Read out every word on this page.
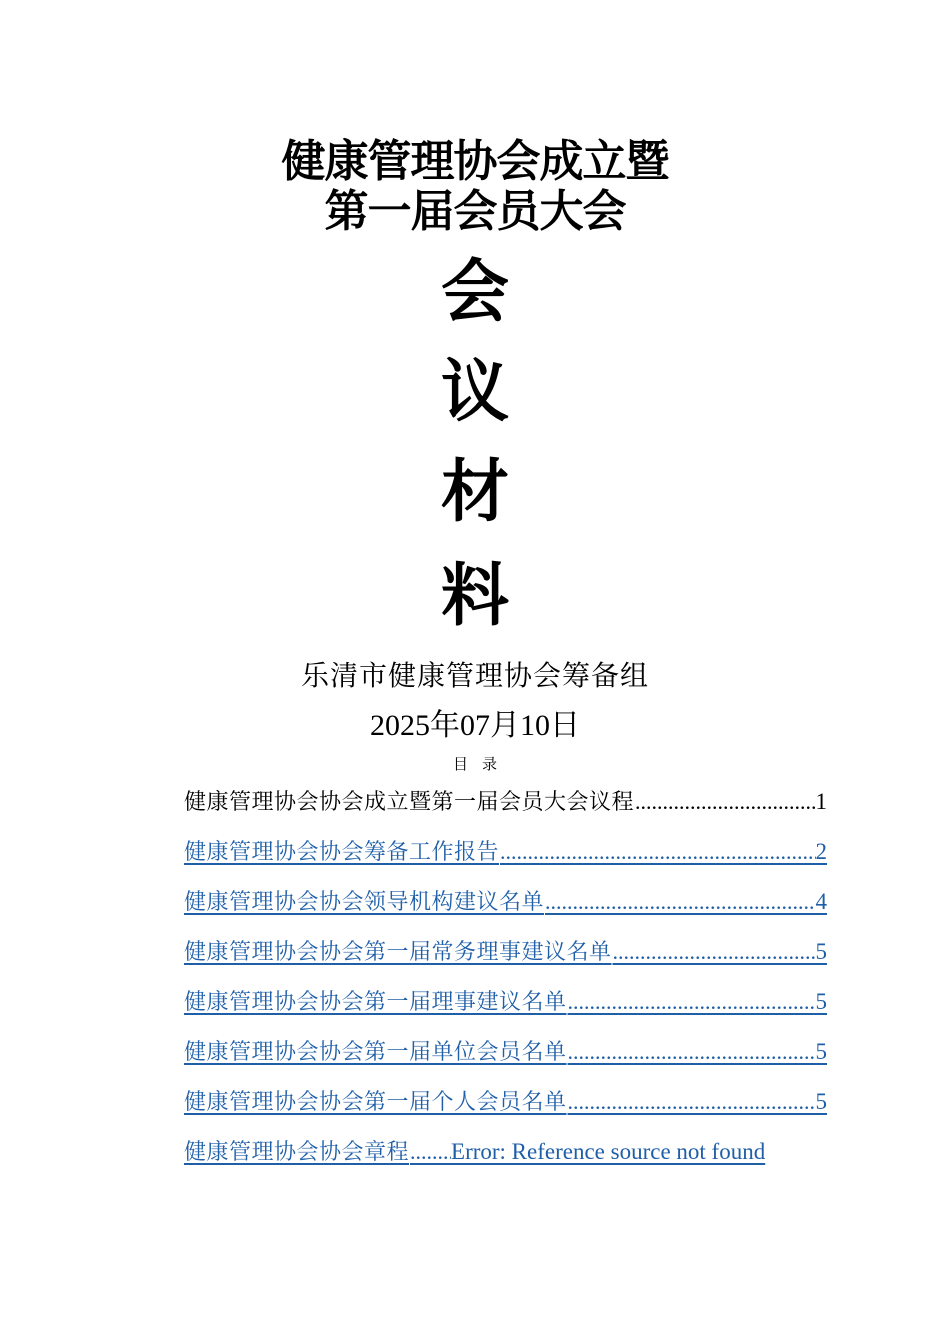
健康管理协会成立暨
第一届会员大会
会
议
材
料
乐清市健康管理协会筹备组
2025年07月10日
目录
健康管理协会协会成立暨第一届会员大会议程 .....	1
健康管理协会协会筹备工作报告 .....	2
健康管理协会协会领导机构建议名单 .....	4
健康管理协会协会第一届常务理事建议名单 .....	5
健康管理协会协会第一届理事建议名单 .....	5
健康管理协会协会第一届单位会员名单 .....	5
健康管理协会协会第一届个人会员名单 .....	5
健康管理协会协会章程 ..... Error: Reference source not found
